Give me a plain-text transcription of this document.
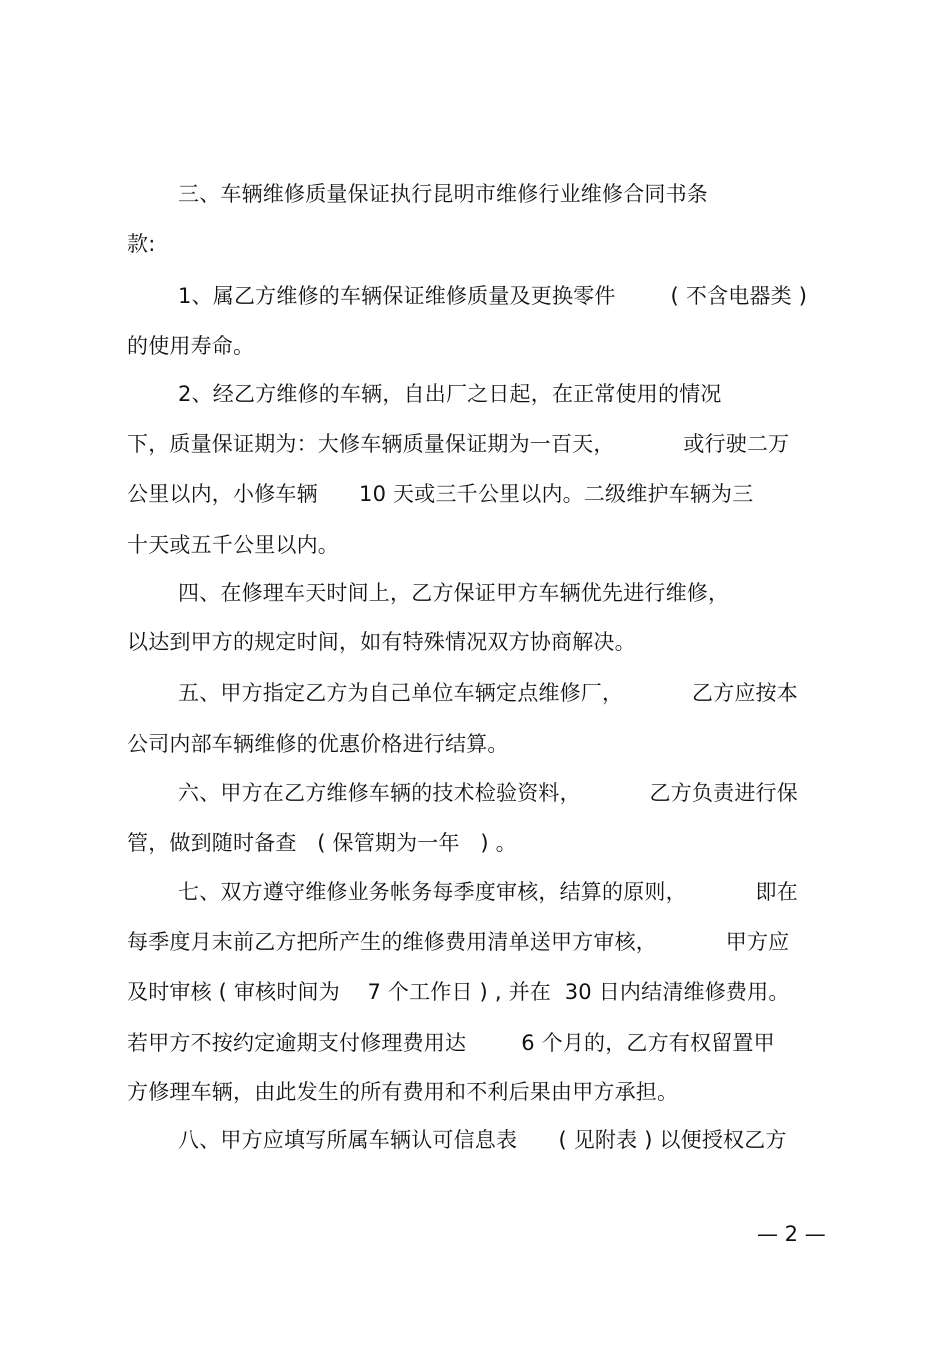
三、车辆维修质量保证执行昆明市维修行业维修合同书条
款:
1、属乙方维修的车辆保证维修质量及更换零件        ( 不含电器类 )
的使用寿命。
2、经乙方维修的车辆，自出厂之日起，在正常使用的情况
下，质量保证期为：大修车辆质量保证期为一百天，          或行驶二万
公里以内，小修车辆      10 天或三千公里以内。二级维护车辆为三
十天或五千公里以内。
四、在修理车天时间上，乙方保证甲方车辆优先进行维修，
以达到甲方的规定时间，如有特殊情况双方协商解决。
五、甲方指定乙方为自己单位车辆定点维修厂，          乙方应按本
公司内部车辆维修的优惠价格进行结算。
六、甲方在乙方维修车辆的技术检验资料，          乙方负责进行保
管，做到随时备查   ( 保管期为一年   ) 。
七、双方遵守维修业务帐务每季度审核，结算的原则，          即在
每季度月末前乙方把所产生的维修费用清单送甲方审核，          甲方应
及时审核 ( 审核时间为    7 个工作日 ) , 并在  30 日内结清维修费用。
若甲方不按约定逾期支付修理费用达        6 个月的，乙方有权留置甲
方修理车辆，由此发生的所有费用和不利后果由甲方承担。
八、甲方应填写所属车辆认可信息表      ( 见附表 ) 以便授权乙方
— 2 —
